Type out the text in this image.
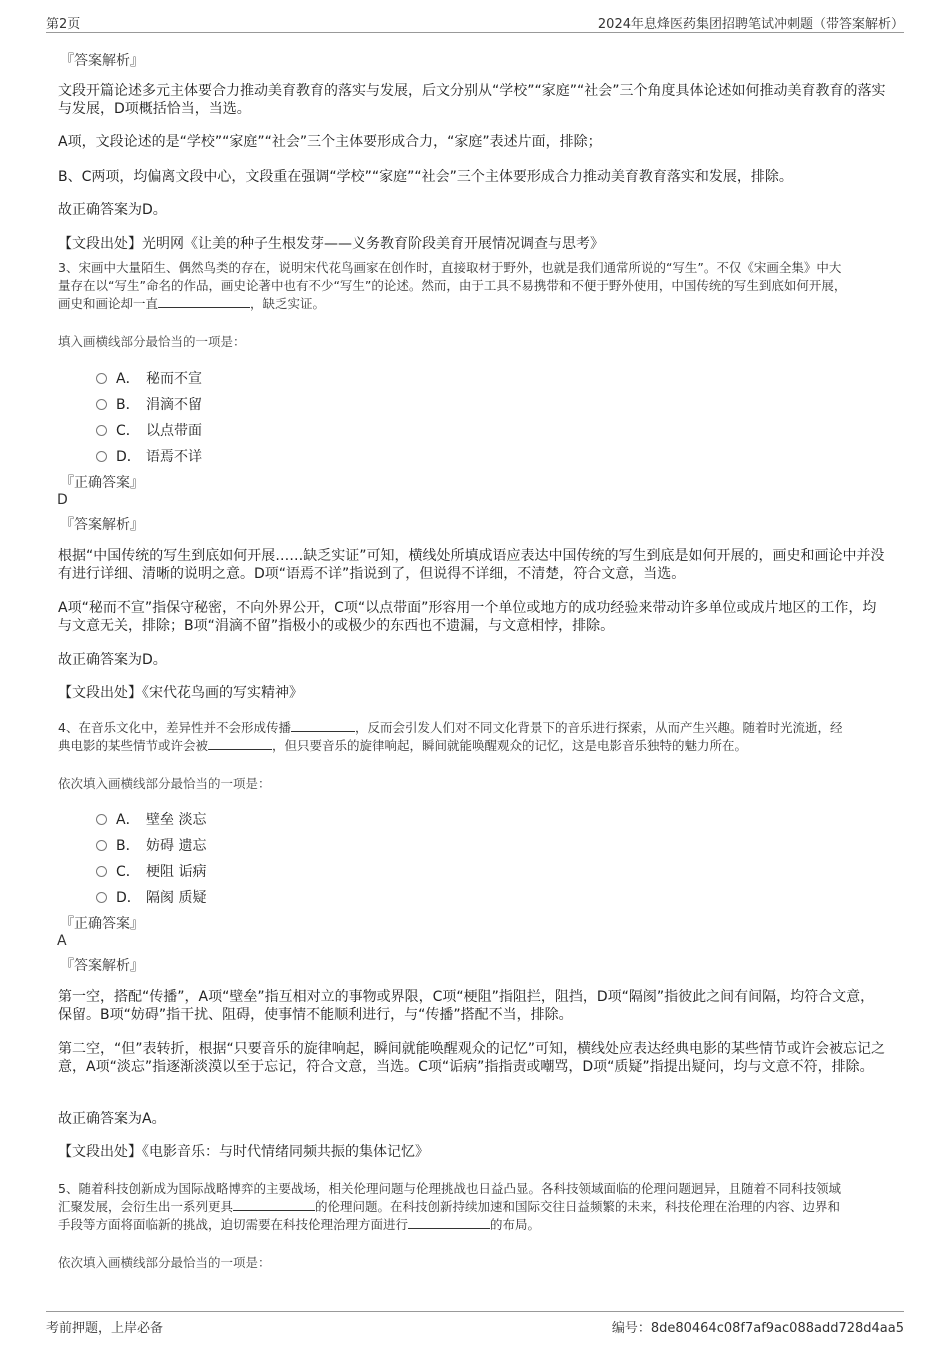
第2页	2024年息烽医药集团招聘笔试冲刺题（带答案解析）
『答案解析』
文段开篇论述多元主体要合力推动美育教育的落实与发展，后文分别从“学校”“家庭”“社会”三个角度具体论述如何推动美育教育的落实与发展，D项概括恰当，当选。
A项，文段论述的是“学校”“家庭”“社会”三个主体要形成合力，“家庭”表述片面，排除；
B、C两项，均偏离文段中心，文段重在强调“学校”“家庭”“社会”三个主体要形成合力推动美育教育落实和发展，排除。
故正确答案为D。
【文段出处】光明网《让美的种子生根发芽——义务教育阶段美育开展情况调查与思考》
3、宋画中大量陌生、偶然鸟类的存在，说明宋代花鸟画家在创作时，直接取材于野外，也就是我们通常所说的“写生”。不仅《宋画全集》中大
量存在以“写生”命名的作品，画史论著中也有不少“写生”的论述。然而，由于工具不易携带和不便于野外使用，中国传统的写生到底如何开展，
画史和画论却一直	，缺乏实证。
填入画横线部分最恰当的一项是：
A． 秘而不宣
B． 涓滴不留
C． 以点带面
D． 语焉不详
『正确答案』
D
『答案解析』
根据“中国传统的写生到底如何开展……缺乏实证”可知，横线处所填成语应表达中国传统的写生到底是如何开展的，画史和画论中并没有进行详细、清晰的说明之意。D项“语焉不详”指说到了，但说得不详细，不清楚，符合文意，当选。
A项“秘而不宣”指保守秘密，不向外界公开，C项“以点带面”形容用一个单位或地方的成功经验来带动许多单位或成片地区的工作，均与文意无关，排除；B项“涓滴不留”指极小的或极少的东西也不遗漏，与文意相悖，排除。
故正确答案为D。
【文段出处】《宋代花鸟画的写实精神》
4、在音乐文化中，差异性并不会形成传播	，反而会引发人们对不同文化背景下的音乐进行探索，从而产生兴趣。随着时光流逝，经
典电影的某些情节或许会被	，但只要音乐的旋律响起，瞬间就能唤醒观众的记忆，这是电影音乐独特的魅力所在。
依次填入画横线部分最恰当的一项是：
A． 壁垒 淡忘
B． 妨碍 遗忘
C． 梗阻 诟病
D． 隔阂 质疑
『正确答案』
A
『答案解析』
第一空，搭配“传播”，A项“壁垒”指互相对立的事物或界限，C项“梗阻”指阻拦，阻挡，D项“隔阂”指彼此之间有间隔，均符合文意，保留。B项“妨碍”指干扰、阻碍，使事情不能顺利进行，与“传播”搭配不当，排除。
第二空，“但”表转折，根据“只要音乐的旋律响起，瞬间就能唤醒观众的记忆”可知，横线处应表达经典电影的某些情节或许会被忘记之意，A项“淡忘”指逐渐淡漠以至于忘记，符合文意，当选。C项“诟病”指指责或嘲骂，D项“质疑”指提出疑问，均与文意不符，排除。
故正确答案为A。
【文段出处】《电影音乐：与时代情绪同频共振的集体记忆》
5、随着科技创新成为国际战略博弈的主要战场，相关伦理问题与伦理挑战也日益凸显。各科技领域面临的伦理问题迥异，且随着不同科技领域
汇聚发展，会衍生出一系列更具	的伦理问题。在科技创新持续加速和国际交往日益频繁的未来，科技伦理在治理的内容、边界和
手段等方面将面临新的挑战，迫切需要在科技伦理治理方面进行	的布局。
依次填入画横线部分最恰当的一项是：
考前押题，上岸必备	编号：8de80464c08f7af9ac088add728d4aa5
